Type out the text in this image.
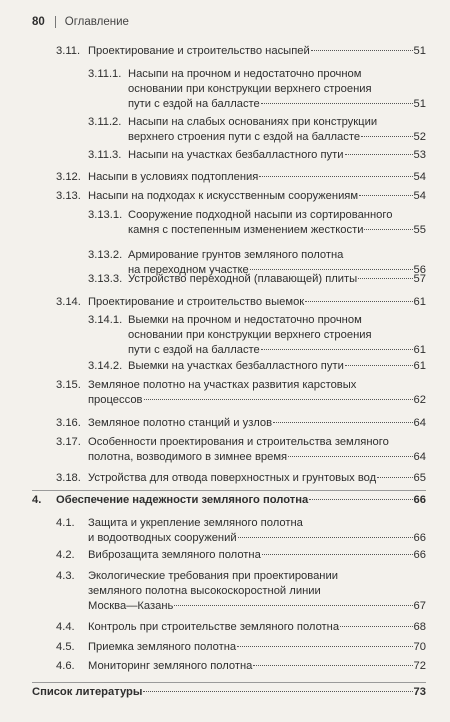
80 Оглавление
3.11. Проектирование и строительство насыпей	51
3.11.1. Насыпи на прочном и недостаточно прочном
основании при конструкции верхнего строения
пути с ездой на балласте	51
3.11.2. Насыпи на слабых основаниях при конструкции
верхнего строения пути с ездой на балласте	52
3.11.3. Насыпи на участках безбалластного пути	53
3.12. Насыпи в условиях подтопления	54
3.13. Насыпи на подходах к искусственным сооружениям	54
3.13.1. Сооружение подходной насыпи из сортированного
камня с постепенным изменением жесткости	55
3.13.2. Армирование грунтов земляного полотна
на переходном участке	56
3.13.3. Устройство переходной (плавающей) плиты	57
3.14. Проектирование и строительство выемок	61
3.14.1. Выемки на прочном и недостаточно прочном
основании при конструкции верхнего строения
пути с ездой на балласте	61
3.14.2. Выемки на участках безбалластного пути	61
3.15. Земляное полотно на участках развития карстовых
процессов	62
3.16. Земляное полотно станций и узлов	64
3.17. Особенности проектирования и строительства земляного
полотна, возводимого в зимнее время	64
3.18. Устройства для отвода поверхностных и грунтовых вод	65
4. Обеспечение надежности земляного полотна	66
4.1. Защита и укрепление земляного полотна
и водоотводных сооружений	66
4.2. Виброзащита земляного полотна	66
4.3. Экологические требования при проектировании
земляного полотна высокоскоростной линии
Москва—Казань	67
4.4. Контроль при строительстве земляного полотна	68
4.5. Приемка земляного полотна	70
4.6. Мониторинг земляного полотна	72
Список литературы	73
